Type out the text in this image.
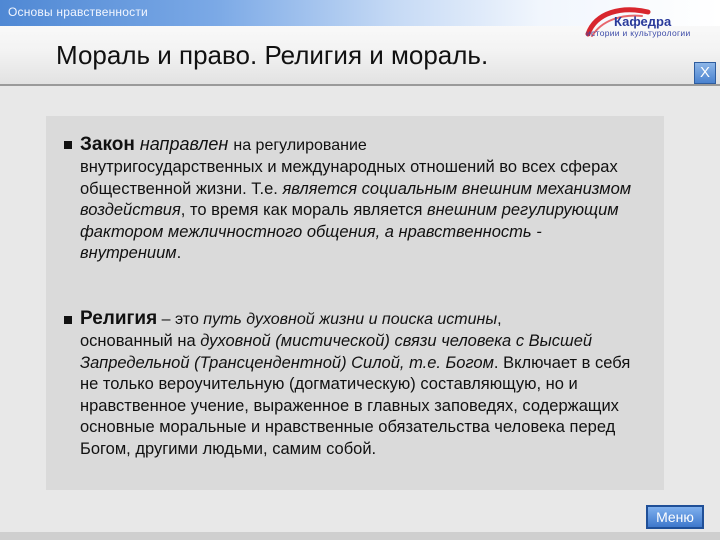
Основы нравственности
Кафедра
истории и культурологии
Мораль и право. Религия и мораль.
X
Закон направлен на регулирование
внутригосударственных и международных отношений во всех сферах общественной жизни. Т.е. является социальным внешним механизмом воздействия, то время как мораль является внешним регулирующим фактором межличностного общения, а нравственность - внутрениим.
Религия – это путь духовной жизни и поиска истины,
основанный на духовной (мистической) связи человека с Высшей Запредельной (Трансцендентной) Силой, т.е. Богом. Включает в себя не только вероучительную (догматическую) составляющую, но и нравственное учение, выраженное в главных заповедях, содержащих основные моральные и нравственные обязательства человека перед Богом, другими людьми, самим собой.
Меню
